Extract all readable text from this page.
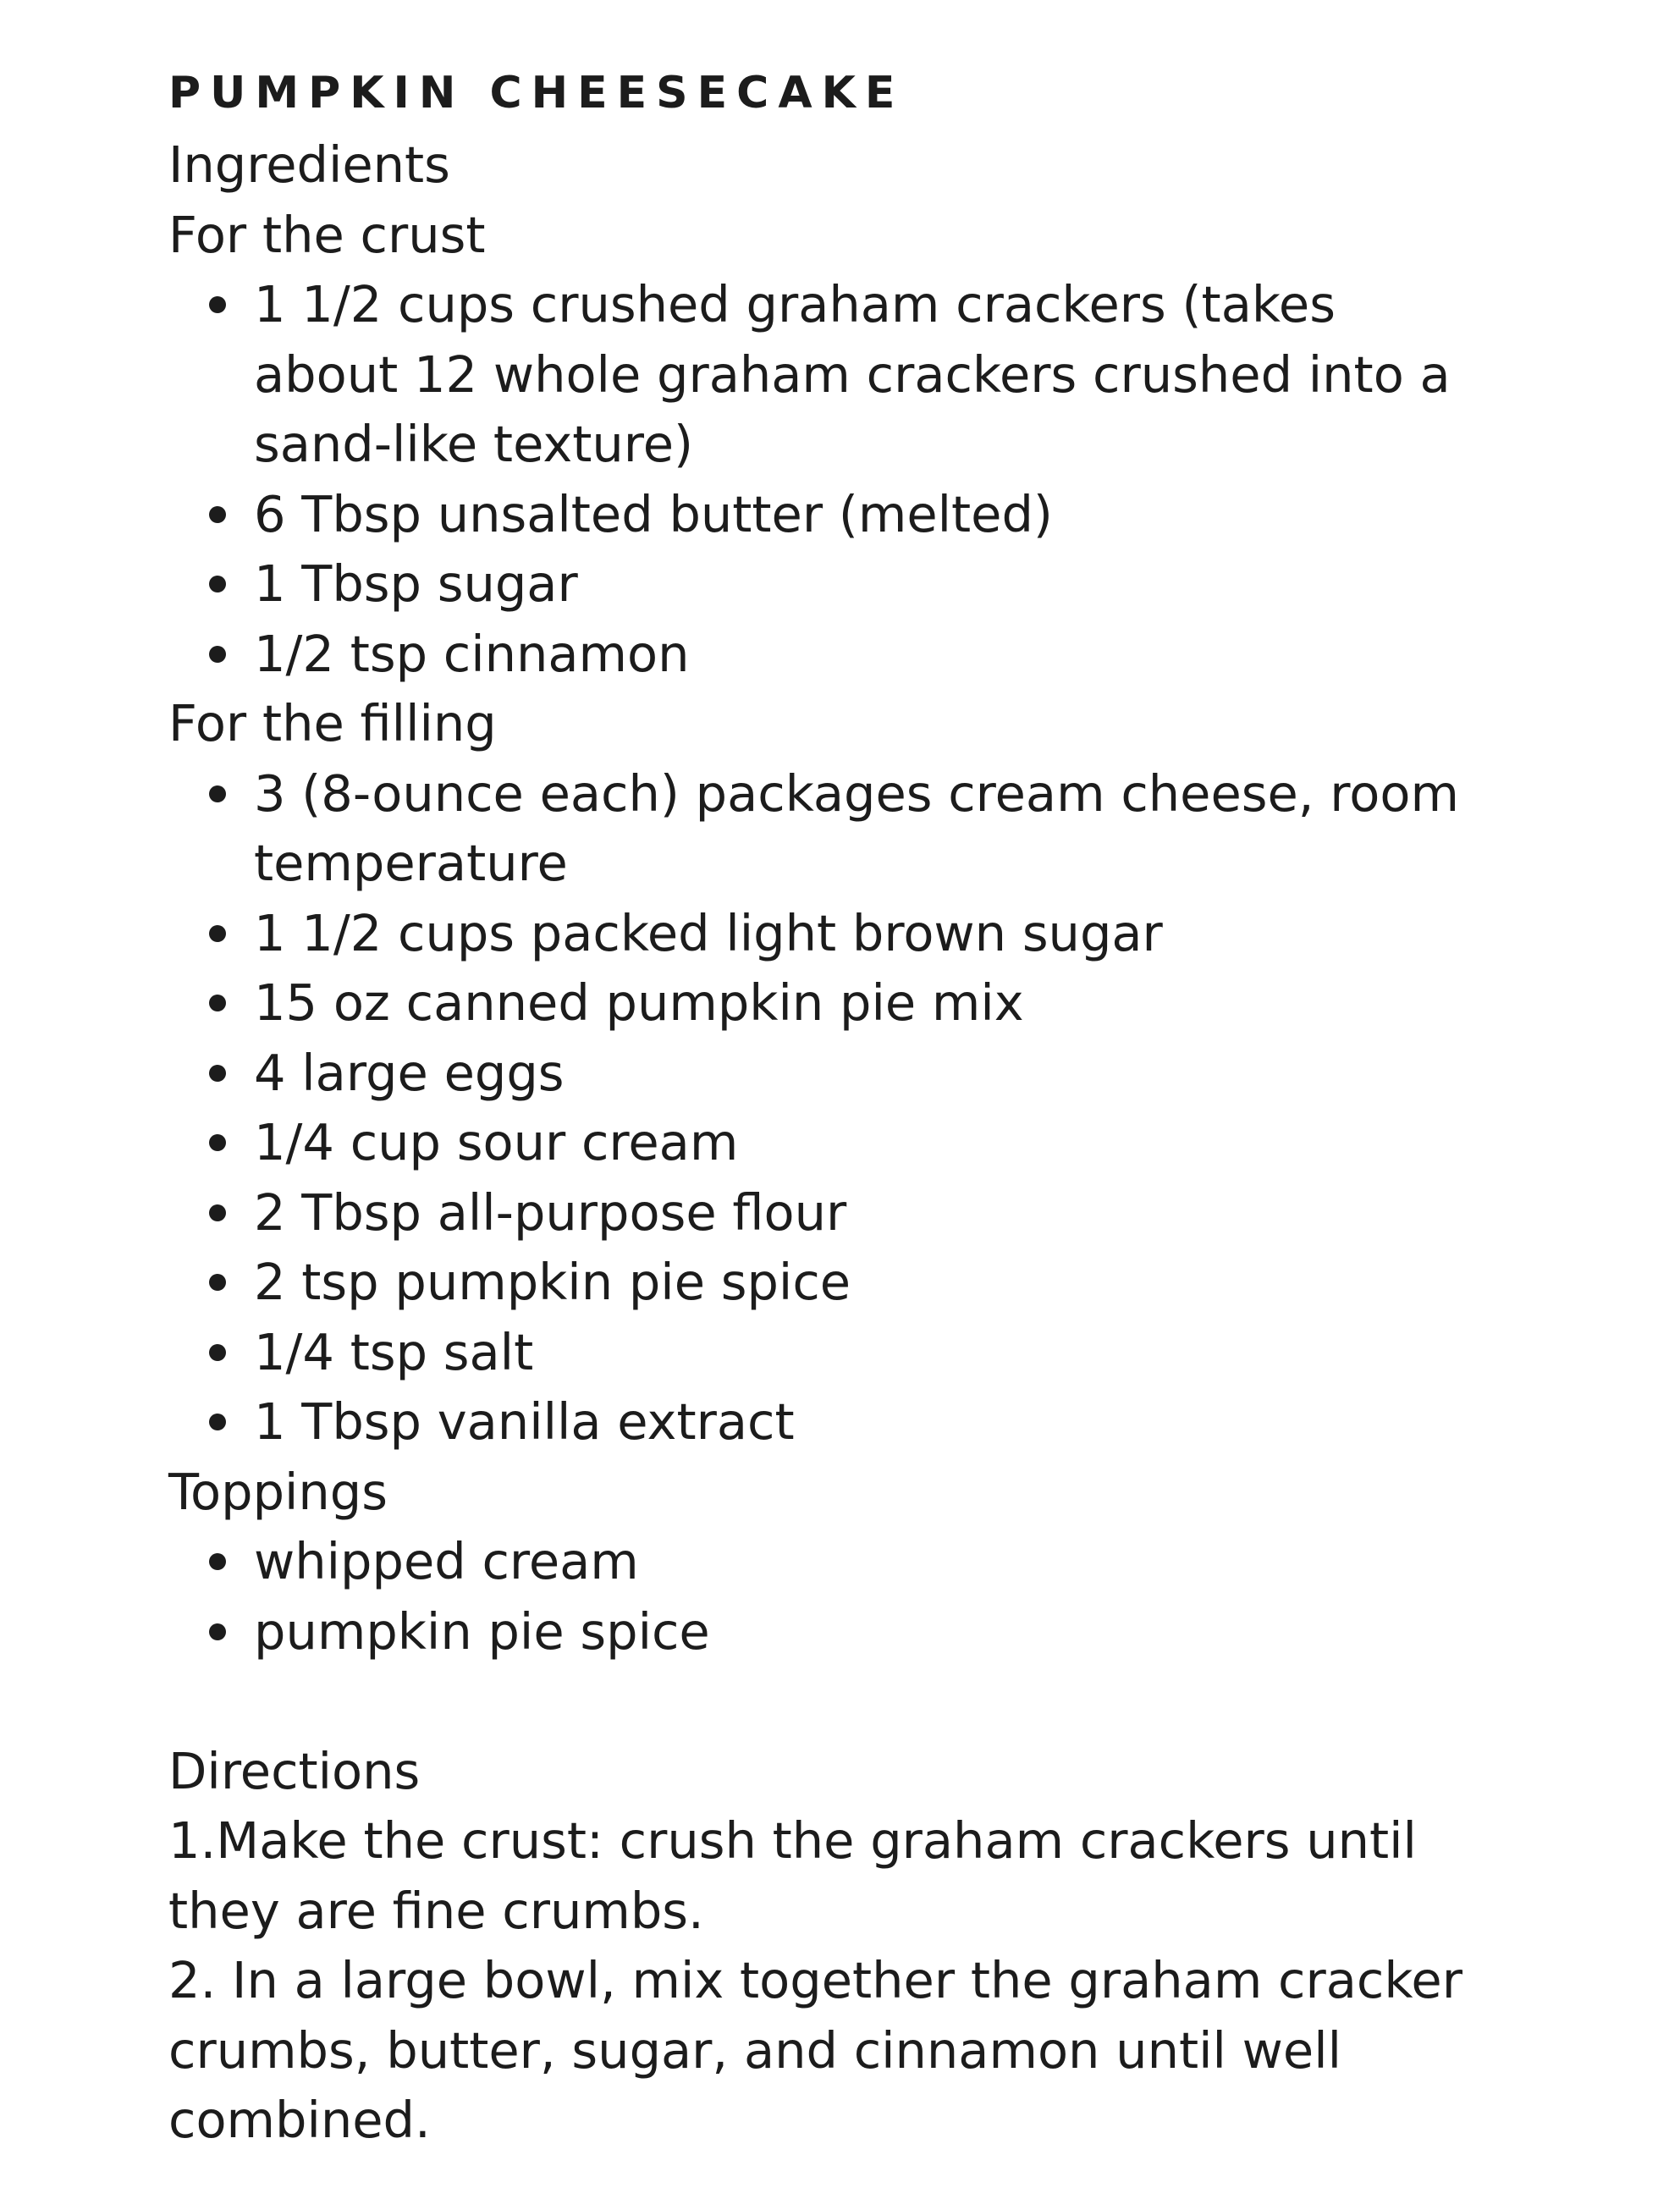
PUMPKIN CHEESECAKE
Ingredients
For the crust
1 1/2 cups crushed graham crackers (takes about 12 whole graham crackers crushed into a sand-like texture)
6 Tbsp unsalted butter (melted)
1 Tbsp sugar
1/2 tsp cinnamon
For the filling
3 (8-ounce each) packages cream cheese, room temperature
1 1/2 cups packed light brown sugar
15 oz canned pumpkin pie mix
4 large eggs
1/4 cup sour cream
2 Tbsp all-purpose flour
2 tsp pumpkin pie spice
1/4 tsp salt
1 Tbsp vanilla extract
Toppings
whipped cream
pumpkin pie spice
Directions

1.Make the crust: crush the graham crackers until they are fine crumbs.

2. In a large bowl, mix together the graham cracker crumbs, butter, sugar, and cinnamon until well combined.
